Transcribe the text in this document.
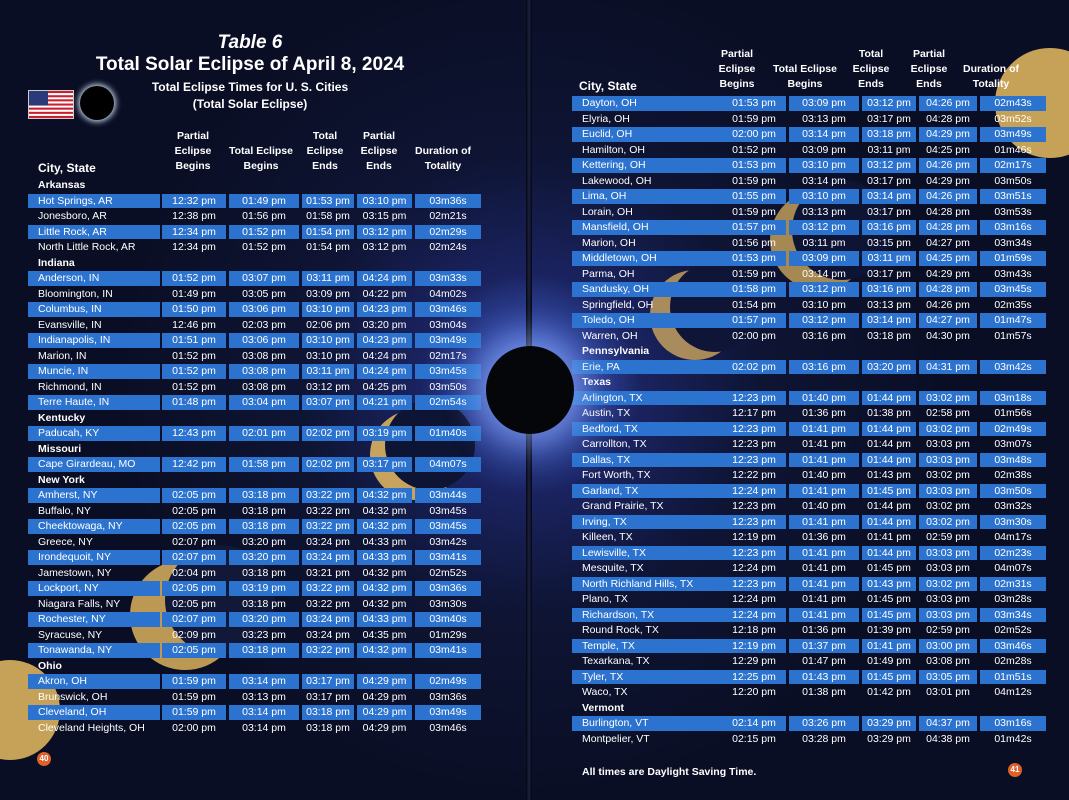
Table 6
Total Solar Eclipse of April 8, 2024
Total Eclipse Times for U. S. Cities
(Total Solar Eclipse)
City, State
Partial Eclipse Begins
Total Eclipse Begins
Total Eclipse Ends
Partial Eclipse Ends
Duration of Totality
Arkansas
Hot Springs, AR	12:32 pm	01:49 pm	01:53 pm	03:10 pm	03m36s
Jonesboro, AR	12:38 pm	01:56 pm	01:58 pm	03:15 pm	02m21s
Little Rock, AR	12:34 pm	01:52 pm	01:54 pm	03:12 pm	02m29s
North Little Rock, AR	12:34 pm	01:52 pm	01:54 pm	03:12 pm	02m24s
Indiana
Anderson, IN	01:52 pm	03:07 pm	03:11 pm	04:24 pm	03m33s
Bloomington, IN	01:49 pm	03:05 pm	03:09 pm	04:22 pm	04m02s
Columbus, IN	01:50 pm	03:06 pm	03:10 pm	04:23 pm	03m46s
Evansville, IN	12:46 pm	02:03 pm	02:06 pm	03:20 pm	03m04s
Indianapolis, IN	01:51 pm	03:06 pm	03:10 pm	04:23 pm	03m49s
Marion, IN	01:52 pm	03:08 pm	03:10 pm	04:24 pm	02m17s
Muncie, IN	01:52 pm	03:08 pm	03:11 pm	04:24 pm	03m45s
Richmond, IN	01:52 pm	03:08 pm	03:12 pm	04:25 pm	03m50s
Terre Haute, IN	01:48 pm	03:04 pm	03:07 pm	04:21 pm	02m54s
Kentucky
Paducah, KY	12:43 pm	02:01 pm	02:02 pm	03:19 pm	01m40s
Missouri
Cape Girardeau, MO	12:42 pm	01:58 pm	02:02 pm	03:17 pm	04m07s
New York
Amherst, NY	02:05 pm	03:18 pm	03:22 pm	04:32 pm	03m44s
Buffalo, NY	02:05 pm	03:18 pm	03:22 pm	04:32 pm	03m45s
Cheektowaga, NY	02:05 pm	03:18 pm	03:22 pm	04:32 pm	03m45s
Greece, NY	02:07 pm	03:20 pm	03:24 pm	04:33 pm	03m42s
Irondequoit, NY	02:07 pm	03:20 pm	03:24 pm	04:33 pm	03m41s
Jamestown, NY	02:04 pm	03:18 pm	03:21 pm	04:32 pm	02m52s
Lockport, NY	02:05 pm	03:19 pm	03:22 pm	04:32 pm	03m36s
Niagara Falls, NY	02:05 pm	03:18 pm	03:22 pm	04:32 pm	03m30s
Rochester, NY	02:07 pm	03:20 pm	03:24 pm	04:33 pm	03m40s
Syracuse, NY	02:09 pm	03:23 pm	03:24 pm	04:35 pm	01m29s
Tonawanda, NY	02:05 pm	03:18 pm	03:22 pm	04:32 pm	03m41s
Ohio
Akron, OH	01:59 pm	03:14 pm	03:17 pm	04:29 pm	02m49s
Brunswick, OH	01:59 pm	03:13 pm	03:17 pm	04:29 pm	03m36s
Cleveland, OH	01:59 pm	03:14 pm	03:18 pm	04:29 pm	03m49s
Cleveland Heights, OH	02:00 pm	03:14 pm	03:18 pm	04:29 pm	03m46s
40
City, State
Partial Eclipse Begins
Total Eclipse Begins
Total Eclipse Ends
Partial Eclipse Ends
Duration of Totality
Dayton, OH	01:53 pm	03:09 pm	03:12 pm	04:26 pm	02m43s
Elyria, OH	01:59 pm	03:13 pm	03:17 pm	04:28 pm	03m52s
Euclid, OH	02:00 pm	03:14 pm	03:18 pm	04:29 pm	03m49s
Hamilton, OH	01:52 pm	03:09 pm	03:11 pm	04:25 pm	01m46s
Kettering, OH	01:53 pm	03:10 pm	03:12 pm	04:26 pm	02m17s
Lakewood, OH	01:59 pm	03:14 pm	03:17 pm	04:29 pm	03m50s
Lima, OH	01:55 pm	03:10 pm	03:14 pm	04:26 pm	03m51s
Lorain, OH	01:59 pm	03:13 pm	03:17 pm	04:28 pm	03m53s
Mansfield, OH	01:57 pm	03:12 pm	03:16 pm	04:28 pm	03m16s
Marion, OH	01:56 pm	03:11 pm	03:15 pm	04:27 pm	03m34s
Middletown, OH	01:53 pm	03:09 pm	03:11 pm	04:25 pm	01m59s
Parma, OH	01:59 pm	03:14 pm	03:17 pm	04:29 pm	03m43s
Sandusky, OH	01:58 pm	03:12 pm	03:16 pm	04:28 pm	03m45s
Springfield, OH	01:54 pm	03:10 pm	03:13 pm	04:26 pm	02m35s
Toledo, OH	01:57 pm	03:12 pm	03:14 pm	04:27 pm	01m47s
Warren, OH	02:00 pm	03:16 pm	03:18 pm	04:30 pm	01m57s
Pennsylvania
Erie, PA	02:02 pm	03:16 pm	03:20 pm	04:31 pm	03m42s
Texas
Arlington, TX	12:23 pm	01:40 pm	01:44 pm	03:02 pm	03m18s
Austin, TX	12:17 pm	01:36 pm	01:38 pm	02:58 pm	01m56s
Bedford, TX	12:23 pm	01:41 pm	01:44 pm	03:02 pm	02m49s
Carrollton, TX	12:23 pm	01:41 pm	01:44 pm	03:03 pm	03m07s
Dallas, TX	12:23 pm	01:41 pm	01:44 pm	03:03 pm	03m48s
Fort Worth, TX	12:22 pm	01:40 pm	01:43 pm	03:02 pm	02m38s
Garland, TX	12:24 pm	01:41 pm	01:45 pm	03:03 pm	03m50s
Grand Prairie, TX	12:23 pm	01:40 pm	01:44 pm	03:02 pm	03m32s
Irving, TX	12:23 pm	01:41 pm	01:44 pm	03:02 pm	03m30s
Killeen, TX	12:19 pm	01:36 pm	01:41 pm	02:59 pm	04m17s
Lewisville, TX	12:23 pm	01:41 pm	01:44 pm	03:03 pm	02m23s
Mesquite, TX	12:24 pm	01:41 pm	01:45 pm	03:03 pm	04m07s
North Richland Hills, TX	12:23 pm	01:41 pm	01:43 pm	03:02 pm	02m31s
Plano, TX	12:24 pm	01:41 pm	01:45 pm	03:03 pm	03m28s
Richardson, TX	12:24 pm	01:41 pm	01:45 pm	03:03 pm	03m34s
Round Rock, TX	12:18 pm	01:36 pm	01:39 pm	02:59 pm	02m52s
Temple, TX	12:19 pm	01:37 pm	01:41 pm	03:00 pm	03m46s
Texarkana, TX	12:29 pm	01:47 pm	01:49 pm	03:08 pm	02m28s
Tyler, TX	12:25 pm	01:43 pm	01:45 pm	03:05 pm	01m51s
Waco, TX	12:20 pm	01:38 pm	01:42 pm	03:01 pm	04m12s
Vermont
Burlington, VT	02:14 pm	03:26 pm	03:29 pm	04:37 pm	03m16s
Montpelier, VT	02:15 pm	03:28 pm	03:29 pm	04:38 pm	01m42s
All times are Daylight Saving Time.	41
